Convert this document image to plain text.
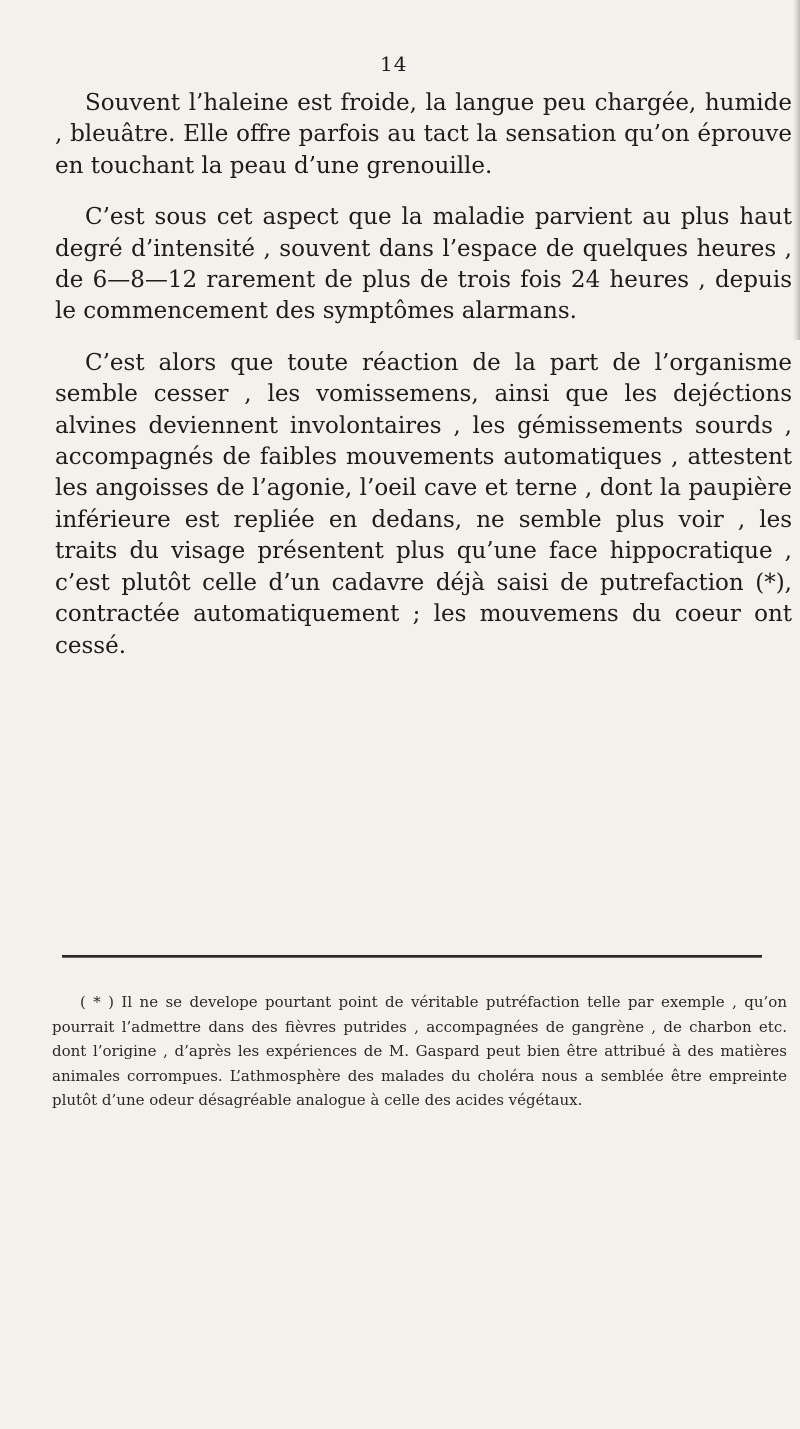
14

Souvent l’haleine est froide, la langue peu chargée, humide , bleuâtre. Elle offre parfois au tact la sensation qu’on éprouve en touchant la peau d’une grenouille.

C’est sous cet aspect que la maladie parvient au plus haut degré d’intensité , souvent dans l’espace de quelques heures , de 6—8—12 rarement de plus de trois fois 24 heures , depuis le commencement des symptômes alarmans.

C’est alors que toute réaction de la part de l’organisme semble cesser , les vomissemens, ainsi que les dejéctions alvines deviennent involontaires , les gémissements sourds , accompagnés de faibles mouvements automatiques , attestent les angoisses de l’agonie, l’oeil cave et terne , dont la paupière inférieure est repliée en dedans, ne semble plus voir , les traits du visage présentent plus qu’une face hippocratique , c’est plutôt celle d’un cadavre déjà saisi de putrefaction (*), contractée automatiquement ; les mouvemens du coeur ont cessé.

( * ) Il ne se develope pourtant point de véritable putréfaction telle par exemple , qu’on pourrait l’admettre dans des fièvres putrides , accompagnées de gangrène , de charbon etc. dont l’origine , d’après les expériences de M. Gaspard peut bien être attribué à des matières animales corrompues. L’athmosphère des malades du choléra nous a semblée être empreinte plutôt d’une odeur désagréable analogue à celle des acides végétaux.
